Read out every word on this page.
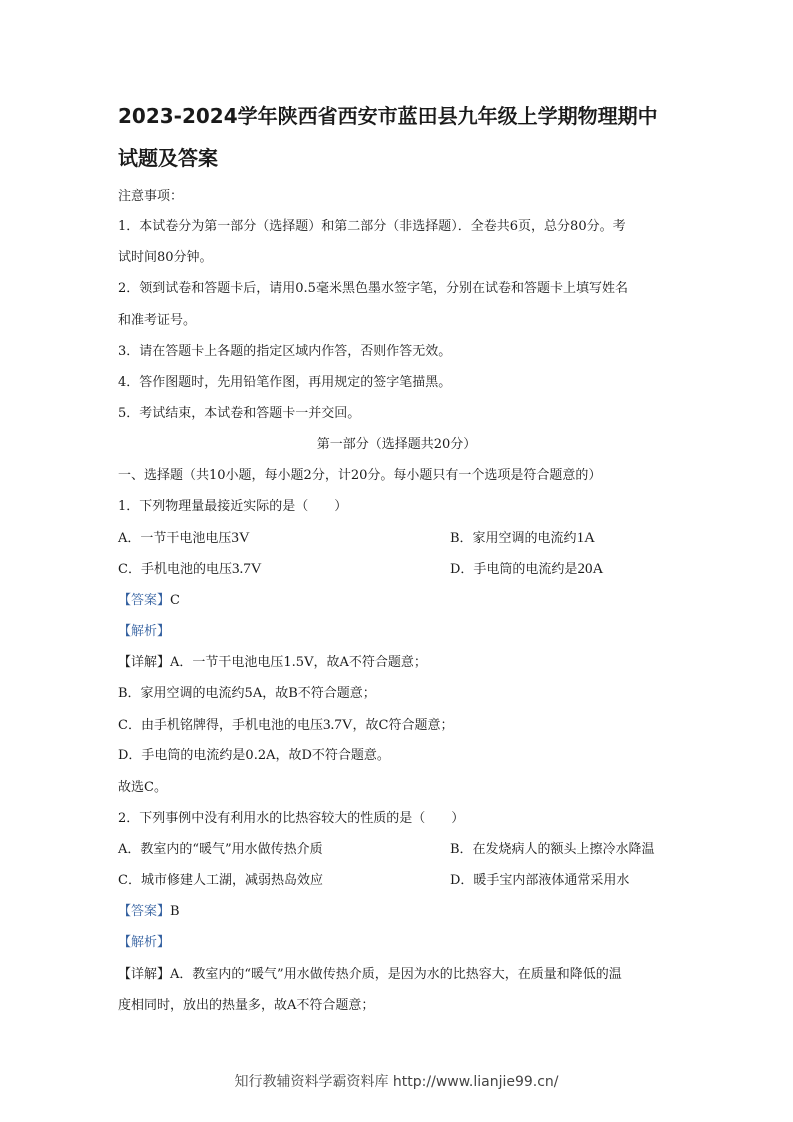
2023-2024学年陕西省西安市蓝田县九年级上学期物理期中
试题及答案
注意事项：
1．本试卷分为第一部分（选择题）和第二部分（非选择题）．全卷共6页，总分80分。考
试时间80分钟。
2．领到试卷和答题卡后，请用0.5毫米黑色墨水签字笔，分别在试卷和答题卡上填写姓名
和准考证号。
3．请在答题卡上各题的指定区域内作答，否则作答无效。
4．答作图题时，先用铅笔作图，再用规定的签字笔描黑。
5．考试结束，本试卷和答题卡一并交回。
第一部分（选择题共20分）
一、选择题（共10小题，每小题2分，计20分。每小题只有一个选项是符合题意的）
1．下列物理量最接近实际的是（　　）
A．一节干电池电压3V	B．家用空调的电流约1A
C．手机电池的电压3.7V	D．手电筒的电流约是20A
【答案】C
【解析】
【详解】A．一节干电池电压1.5V，故A不符合题意；
B．家用空调的电流约5A，故B不符合题意；
C．由手机铭牌得，手机电池的电压3.7V，故C符合题意；
D．手电筒的电流约是0.2A，故D不符合题意。
故选C。
2．下列事例中没有利用水的比热容较大的性质的是（　　）
A．教室内的“暖气”用水做传热介质	B．在发烧病人的额头上擦冷水降温
C．城市修建人工湖，减弱热岛效应	D．暖手宝内部液体通常采用水
【答案】B
【解析】
【详解】A．教室内的“暖气”用水做传热介质，是因为水的比热容大，在质量和降低的温
度相同时，放出的热量多，故A不符合题意；
知行教辅资料学霸资料库 http://www.lianjie99.cn/
